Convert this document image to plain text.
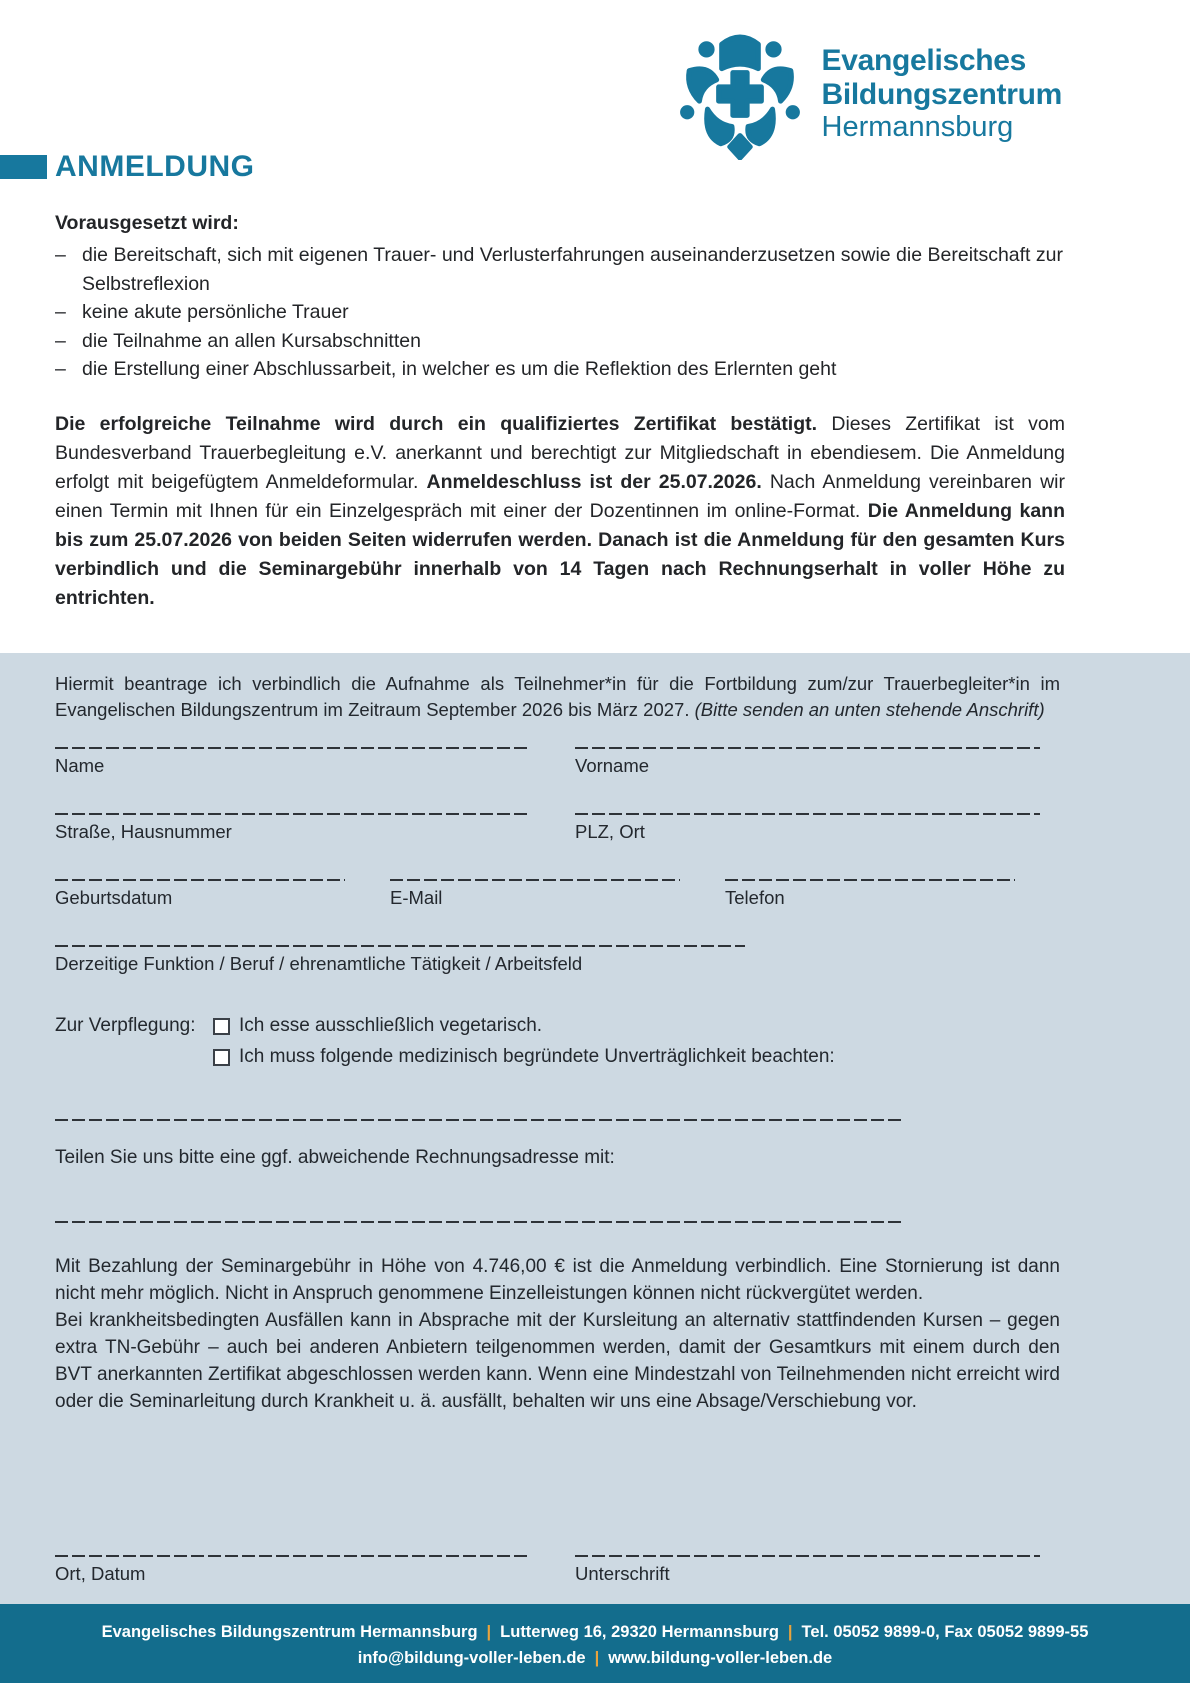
Evangelisches
Bildungszentrum
Hermannsburg
ANMELDUNG
Vorausgesetzt wird:
– die Bereitschaft, sich mit eigenen Trauer- und Verlusterfahrungen auseinanderzusetzen sowie die Bereitschaft zur Selbstreflexion
– keine akute persönliche Trauer
– die Teilnahme an allen Kursabschnitten
– die Erstellung einer Abschlussarbeit, in welcher es um die Reflektion des Erlernten geht
Die erfolgreiche Teilnahme wird durch ein qualifiziertes Zertifikat bestätigt. Dieses Zertifikat ist vom Bundesverband Trauerbegleitung e.V. anerkannt und berechtigt zur Mitgliedschaft in ebendiesem. Die Anmeldung erfolgt mit beigefügtem Anmeldeformular. Anmeldeschluss ist der 25.07.2026. Nach Anmeldung vereinbaren wir einen Termin mit Ihnen für ein Einzelgespräch mit einer der Dozentinnen im online-Format. Die Anmeldung kann bis zum 25.07.2026 von beiden Seiten widerrufen werden. Danach ist die Anmeldung für den gesamten Kurs verbindlich und die Seminargebühr innerhalb von 14 Tagen nach Rechnungserhalt in voller Höhe zu entrichten.
Hiermit beantrage ich verbindlich die Aufnahme als Teilnehmer*in für die Fortbildung zum/zur Trauerbegleiter*in im Evangelischen Bildungszentrum im Zeitraum September 2026 bis März 2027. (Bitte senden an unten stehende Anschrift)
Name	Vorname
Straße, Hausnummer	PLZ, Ort
Geburtsdatum	E-Mail	Telefon
Derzeitige Funktion / Beruf / ehrenamtliche Tätigkeit / Arbeitsfeld
Zur Verpflegung:	Ich esse ausschließlich vegetarisch.
Ich muss folgende medizinisch begründete Unverträglichkeit beachten:
Teilen Sie uns bitte eine ggf. abweichende Rechnungsadresse mit:
Mit Bezahlung der Seminargebühr in Höhe von 4.746,00 € ist die Anmeldung verbindlich. Eine Stornierung ist dann nicht mehr möglich. Nicht in Anspruch genommene Einzelleistungen können nicht rückvergütet werden.
Bei krankheitsbedingten Ausfällen kann in Absprache mit der Kursleitung an alternativ stattfindenden Kursen – gegen extra TN-Gebühr – auch bei anderen Anbietern teilgenommen werden, damit der Gesamtkurs mit einem durch den BVT anerkannten Zertifikat abgeschlossen werden kann. Wenn eine Mindestzahl von Teilnehmenden nicht erreicht wird oder die Seminarleitung durch Krankheit u. ä. ausfällt, behalten wir uns eine Absage/Verschiebung vor.
Ort, Datum	Unterschrift
Evangelisches Bildungszentrum Hermannsburg | Lutterweg 16, 29320 Hermannsburg | Tel. 05052 9899-0, Fax 05052 9899-55
info@bildung-voller-leben.de | www.bildung-voller-leben.de
